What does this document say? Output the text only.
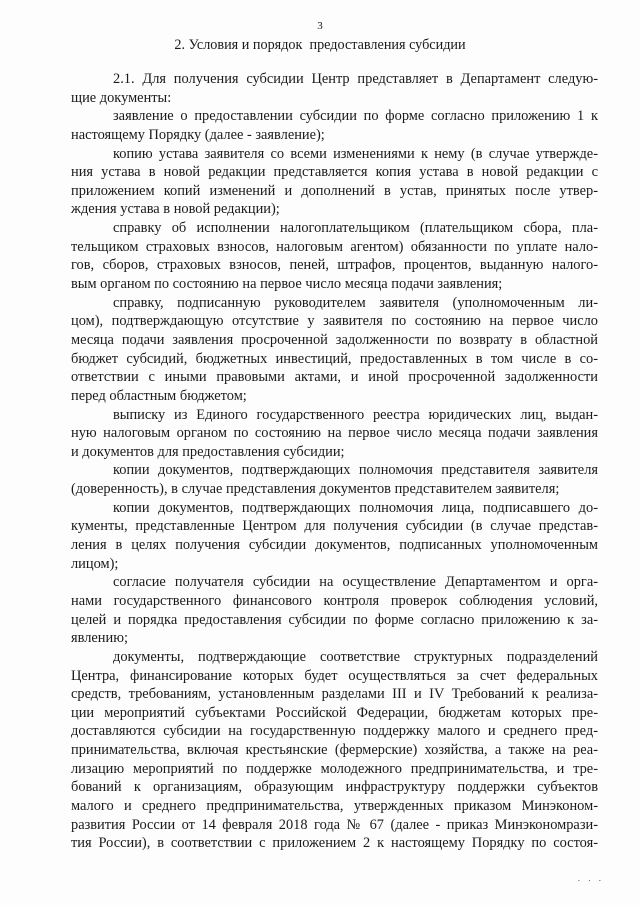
3
2. Условия и порядок  предоставления субсидии
2.1. Для получения субсидии Центр представляет в Департамент следую-
щие документы:
заявление о предоставлении субсидии по форме согласно приложению 1 к
настоящему Порядку (далее - заявление);
копию устава заявителя со всеми изменениями к нему (в случае утвержде-
ния устава в новой редакции представляется копия устава в новой редакции с
приложением копий изменений и дополнений в устав, принятых после утвер-
ждения устава в новой редакции);
справку об исполнении налогоплательщиком (плательщиком сбора, пла-
тельщиком страховых взносов, налоговым агентом) обязанности по уплате нало-
гов, сборов, страховых взносов, пеней, штрафов, процентов, выданную налого-
вым органом по состоянию на первое число месяца подачи заявления;
справку, подписанную руководителем заявителя (уполномоченным ли-
цом), подтверждающую отсутствие у заявителя по состоянию на первое число
месяца подачи заявления просроченной задолженности по возврату в областной
бюджет субсидий, бюджетных инвестиций, предоставленных в том числе в со-
ответствии с иными правовыми актами, и иной просроченной задолженности
перед областным бюджетом;
выписку из Единого государственного реестра юридических лиц, выдан-
ную налоговым органом по состоянию на первое число месяца подачи заявления
и документов для предоставления субсидии;
копии документов, подтверждающих полномочия представителя заявителя
(доверенность), в случае представления документов представителем заявителя;
копии документов, подтверждающих полномочия лица, подписавшего до-
кументы, представленные Центром для получения субсидии (в случае представ-
ления в целях получения субсидии документов, подписанных уполномоченным
лицом);
согласие получателя субсидии на осуществление Департаментом и орга-
нами государственного финансового контроля проверок соблюдения условий,
целей и порядка предоставления субсидии по форме согласно приложению к за-
явлению;
документы, подтверждающие соответствие структурных подразделений
Центра, финансирование которых будет осуществляться за счет федеральных
средств, требованиям, установленным разделами III и IV Требований к реализа-
ции мероприятий субъектами Российской Федерации, бюджетам которых пре-
доставляются субсидии на государственную поддержку малого и среднего пред-
принимательства, включая крестьянские (фермерские) хозяйства, а также на реа-
лизацию мероприятий по поддержке молодежного предпринимательства, и тре-
бований к организациям, образующим инфраструктуру поддержки субъектов
малого и среднего предпринимательства, утвержденных приказом Минэконом-
развития России от 14 февраля 2018 года № 67 (далее - приказ Минэкономрази-
тия России), в соответствии с приложением 2 к настоящему Порядку по состоя-
. . .
